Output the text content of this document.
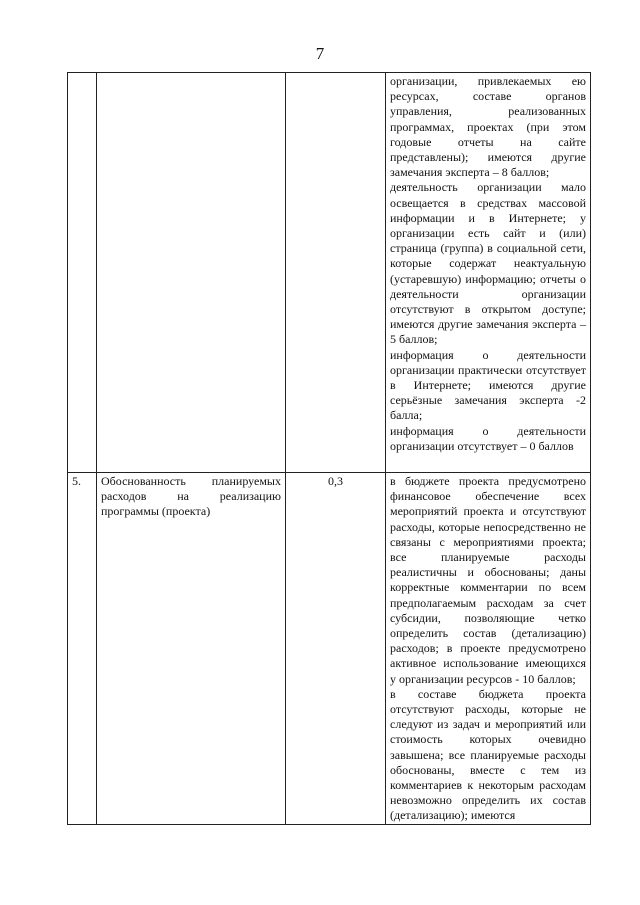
7

			организации, привлекаемых ею ресурсах, составе органов управления, реализованных программах, проектах (при этом годовые отчеты на сайте представлены); имеются другие замечания эксперта – 8 баллов;
деятельность организации мало освещается в средствах массовой информации и в Интернете; у организации есть сайт и (или) страница (группа) в социальной сети, которые содержат неактуальную (устаревшую) информацию; отчеты о деятельности организации отсутствуют в открытом доступе; имеются другие замечания эксперта – 5 баллов;
информация о деятельности организации практически отсутствует в Интернете; имеются другие серьёзные замечания эксперта -2 балла;
информация о деятельности организации отсутствует – 0 баллов

5.	Обоснованность планируемых расходов на реализацию программы (проекта)	0,3	в бюджете проекта предусмотрено финансовое обеспечение всех мероприятий проекта и отсутствуют расходы, которые непосредственно не связаны с мероприятиями проекта; все планируемые расходы реалистичны и обоснованы; даны корректные комментарии по всем предполагаемым расходам за счет субсидии, позволяющие четко определить состав (детализацию) расходов; в проекте предусмотрено активное использование имеющихся у организации ресурсов - 10 баллов;
в составе бюджета проекта отсутствуют расходы, которые не следуют из задач и мероприятий или стоимость которых очевидно завышена; все планируемые расходы обоснованы, вместе с тем из комментариев к некоторым расходам невозможно определить их состав (детализацию); имеются
